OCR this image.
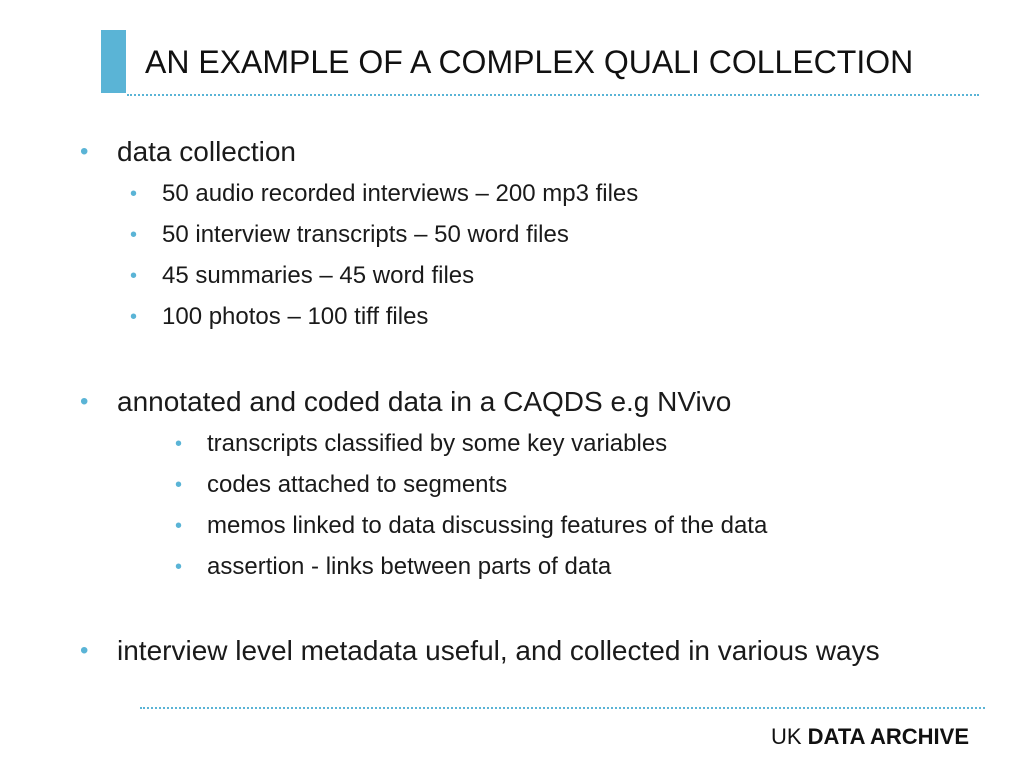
AN EXAMPLE OF A COMPLEX QUALI COLLECTION
• data collection
• 50 audio recorded interviews – 200 mp3 files
• 50 interview transcripts – 50 word files
• 45 summaries – 45 word files
• 100 photos – 100 tiff files
• annotated and coded data in a CAQDS e.g NVivo
• transcripts classified by some key variables
• codes attached to segments
• memos linked to data discussing features of the data
• assertion - links between parts of data
• interview level metadata useful, and collected in various ways
UK DATA ARCHIVE
